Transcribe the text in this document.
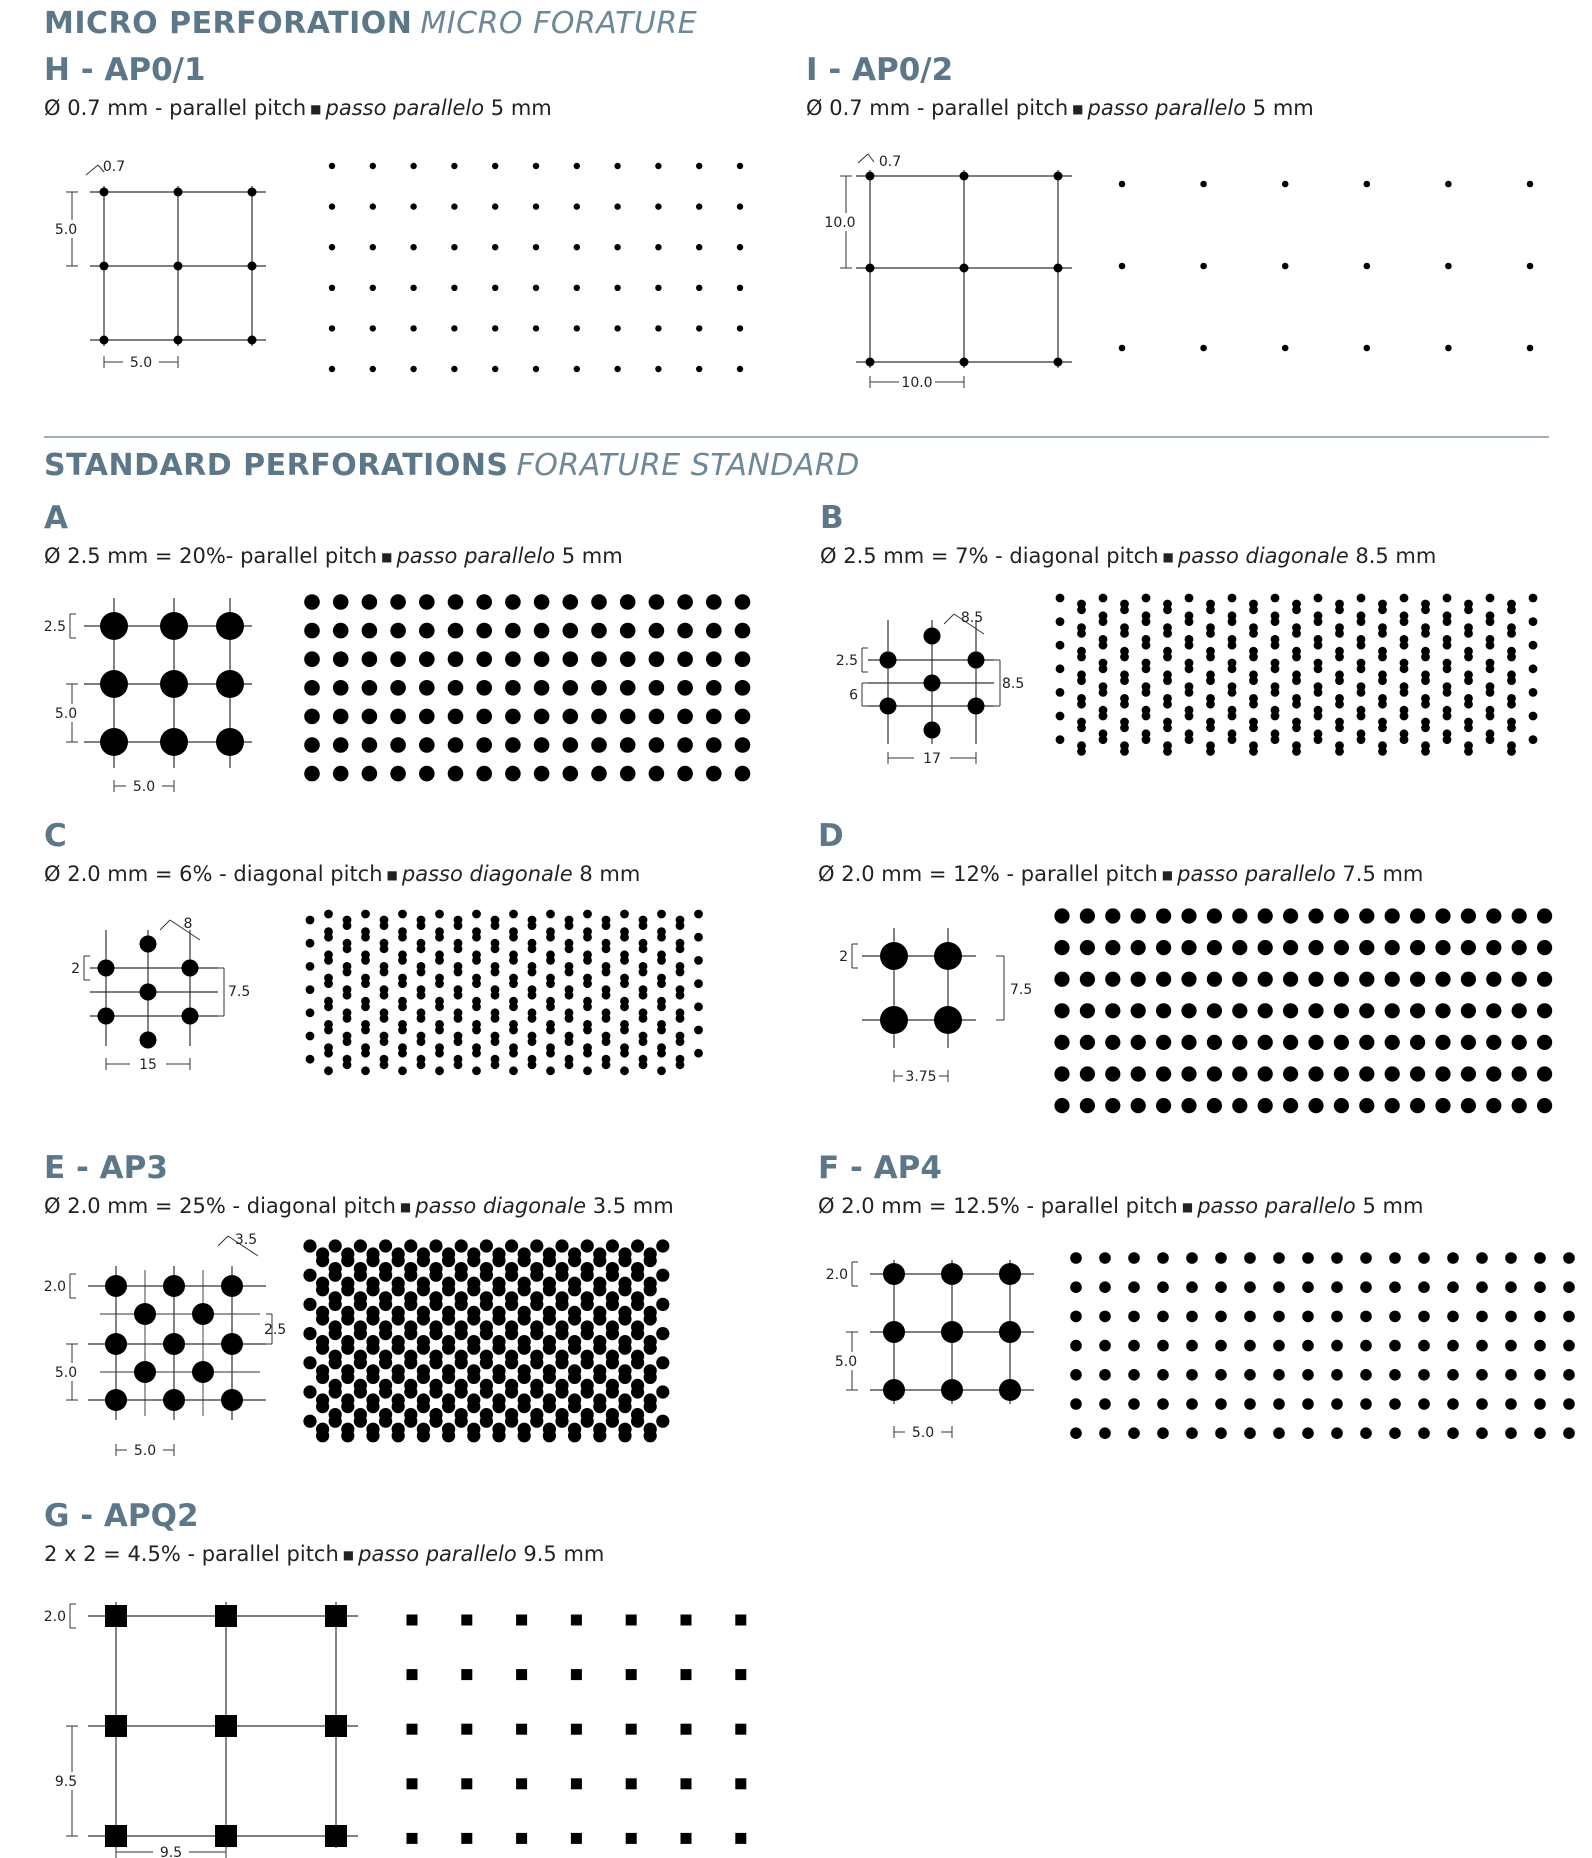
MICRO PERFORATION MICRO FORATURE
STANDARD PERFORATIONS FORATURE STANDARD
H - AP0/1
Ø 0.7 mm - parallel pitch ■ passo parallelo 5 mm
I - AP0/2
Ø 0.7 mm - parallel pitch ■ passo parallelo 5 mm
A
Ø 2.5 mm = 20%- parallel pitch ■ passo parallelo 5 mm
B
Ø 2.5 mm = 7% - diagonal pitch ■ passo diagonale 8.5 mm
C
Ø 2.0 mm = 6% - diagonal pitch ■ passo diagonale 8 mm
D
Ø 2.0 mm = 12% - parallel pitch ■ passo parallelo 7.5 mm
E - AP3
Ø 2.0 mm = 25% - diagonal pitch ■ passo diagonale 3.5 mm
F - AP4
Ø 2.0 mm = 12.5% - parallel pitch ■ passo parallelo 5 mm
G - APQ2
2 x 2 = 4.5% - parallel pitch ■ passo parallelo 9.5 mm
0.7
5.0
5.0
0.7
10.0
10.0
2.5
5.0
5.0
8.5
2.5
6
8.5
17
8
2
7.5
15
2
7.5
3.75
3.5
2.0
2.5
5.0
5.0
2.0
5.0
5.0
2.0
9.5
9.5
